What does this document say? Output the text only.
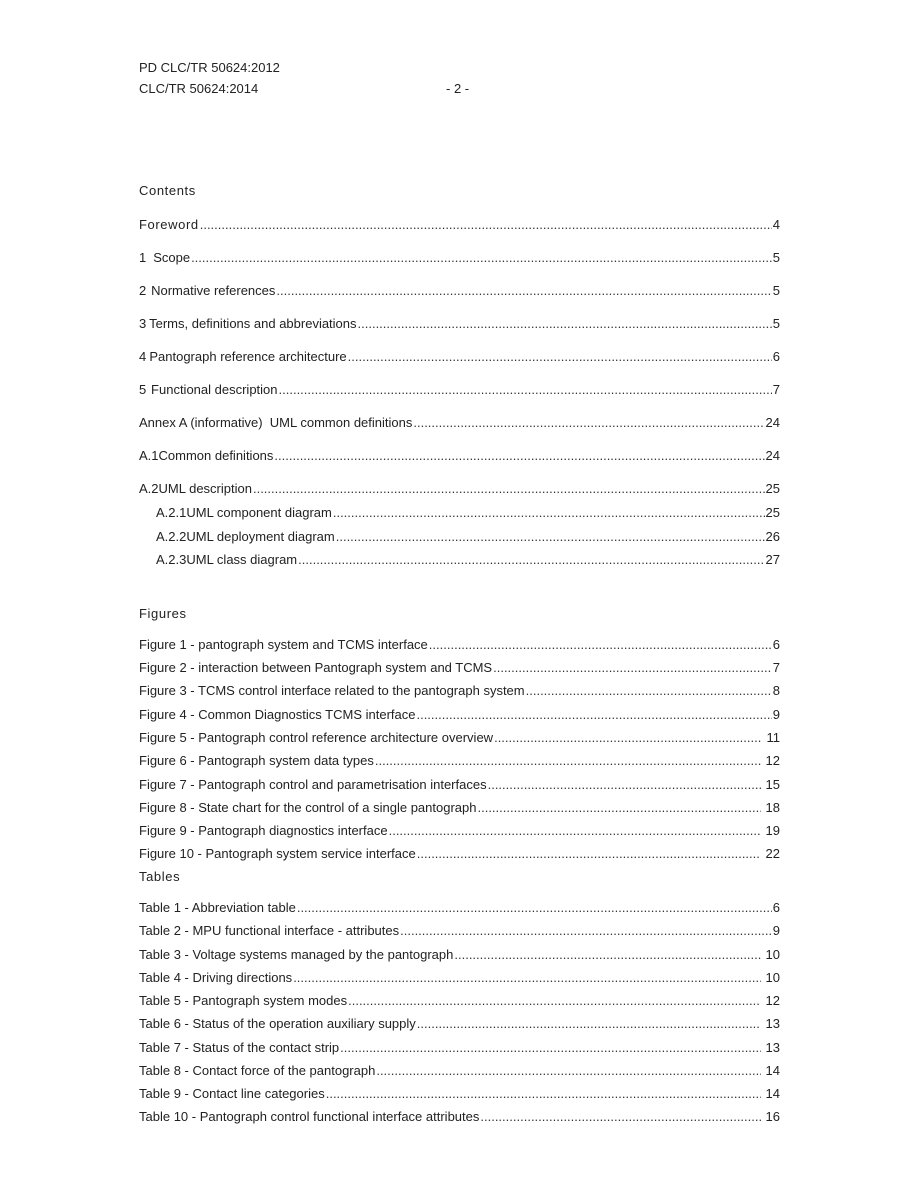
PD CLC/TR 50624:2012
CLC/TR 50624:2014	- 2 -
Contents
Foreword .....	4
1 Scope .....	5
2 Normative references .....	5
3 Terms, definitions and abbreviations .....	5
4 Pantograph reference architecture .....	6
5 Functional description .....	7
Annex A (informative)  UML common definitions .....	24
A.1 Common definitions .....	24
A.2 UML description .....	25
A.2.1 UML component diagram .....	25
A.2.2 UML deployment diagram .....	26
A.2.3 UML class diagram .....	27
Figures
Figure 1 - pantograph system and TCMS interface .....	6
Figure 2 - interaction between Pantograph system and TCMS .....	7
Figure 3 - TCMS control interface related to the pantograph system .....	8
Figure 4 - Common Diagnostics TCMS interface .....	9
Figure 5 - Pantograph control reference architecture overview .....	11
Figure 6 - Pantograph system data types .....	12
Figure 7 - Pantograph control and parametrisation interfaces .....	15
Figure 8 - State chart for the control of a single pantograph .....	18
Figure 9 - Pantograph diagnostics interface .....	19
Figure 10 - Pantograph system service interface .....	22
Tables
Table 1 - Abbreviation table .....	6
Table 2 - MPU functional interface - attributes .....	9
Table 3 - Voltage systems managed by the pantograph .....	10
Table 4 - Driving directions .....	10
Table 5 - Pantograph system modes .....	12
Table 6 - Status of the operation auxiliary supply .....	13
Table 7 - Status of the contact strip .....	13
Table 8 - Contact force of the pantograph .....	14
Table 9 - Contact line categories .....	14
Table 10 - Pantograph control functional interface attributes .....	16
